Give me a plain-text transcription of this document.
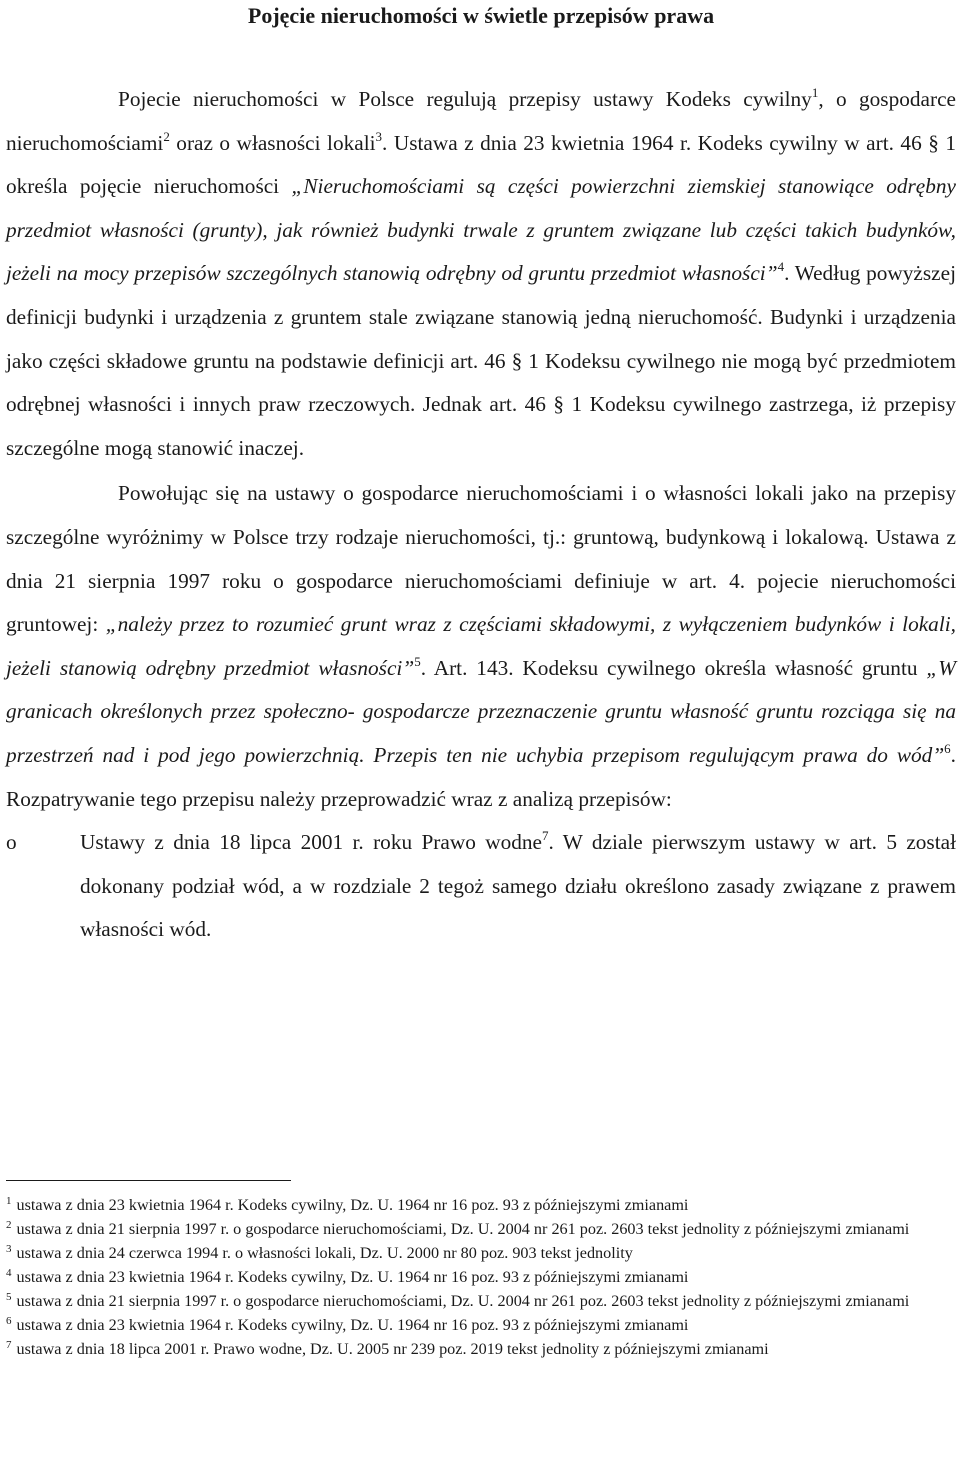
Pojęcie nieruchomości w świetle przepisów prawa

Pojecie nieruchomości w Polsce regulują przepisy ustawy Kodeks cywilny$^1$, o gospodarce nieruchomościami$^2$ oraz o własności lokali$^3$. Ustawa z dnia 23 kwietnia 1964 r. Kodeks cywilny w art. 46 § 1 określa pojęcie nieruchomości „Nieruchomościami są części powierzchni ziemskiej stanowiące odrębny przedmiot własności (grunty), jak również budynki trwale z gruntem związane lub części takich budynków, jeżeli na mocy przepisów szczególnych stanowią odrębny od gruntu przedmiot własności”$^4$. Według powyższej definicji budynki i urządzenia z gruntem stale związane stanowią jedną nieruchomość. Budynki i urządzenia jako części składowe gruntu na podstawie definicji art. 46 § 1 Kodeksu cywilnego nie mogą być przedmiotem odrębnej własności i innych praw rzeczowych. Jednak art. 46 § 1 Kodeksu cywilnego zastrzega, iż przepisy szczególne mogą stanowić inaczej.

Powołując się na ustawy o gospodarce nieruchomościami i o własności lokali jako na przepisy szczególne wyróżnimy w Polsce trzy rodzaje nieruchomości, tj.: gruntową, budynkową i lokalową. Ustawa z dnia 21 sierpnia 1997 roku o gospodarce nieruchomościami definiuje w art. 4. pojecie nieruchomości gruntowej: „należy przez to rozumieć grunt wraz z częściami składowymi, z wyłączeniem budynków i lokali, jeżeli stanowią odrębny przedmiot własności”$^5$. Art. 143. Kodeksu cywilnego określa własność gruntu „W granicach określonych przez społeczno- gospodarcze przeznaczenie gruntu własność gruntu rozciąga się na przestrzeń nad i pod jego powierzchnią. Przepis ten nie uchybia przepisom regulującym prawa do wód”$^6$. Rozpatrywanie tego przepisu należy przeprowadzić wraz z analizą przepisów:

o	Ustawy z dnia 18 lipca 2001 r. roku Prawo wodne$^7$. W dziale pierwszym ustawy w art. 5 został dokonany podział wód, a w rozdziale 2 tegoż samego działu określono zasady związane z prawem własności wód.

$^1$ ustawa z dnia 23 kwietnia 1964 r. Kodeks cywilny, Dz. U. 1964 nr 16 poz. 93 z późniejszymi zmianami

$^2$ ustawa z dnia 21 sierpnia 1997 r. o gospodarce nieruchomościami, Dz. U. 2004 nr 261 poz. 2603 tekst jednolity z późniejszymi zmianami

$^3$ ustawa z dnia 24 czerwca 1994 r. o własności lokali, Dz. U. 2000 nr 80 poz. 903 tekst jednolity

$^4$ ustawa z dnia 23 kwietnia 1964 r. Kodeks cywilny, Dz. U. 1964 nr 16 poz. 93 z późniejszymi zmianami

$^5$ ustawa z dnia 21 sierpnia 1997 r. o gospodarce nieruchomościami, Dz. U. 2004 nr 261 poz. 2603 tekst jednolity z późniejszymi zmianami

$^6$ ustawa z dnia 23 kwietnia 1964 r. Kodeks cywilny, Dz. U. 1964 nr 16 poz. 93 z późniejszymi zmianami

$^7$ ustawa z dnia 18 lipca 2001 r. Prawo wodne, Dz. U. 2005 nr 239 poz. 2019 tekst jednolity z późniejszymi zmianami
